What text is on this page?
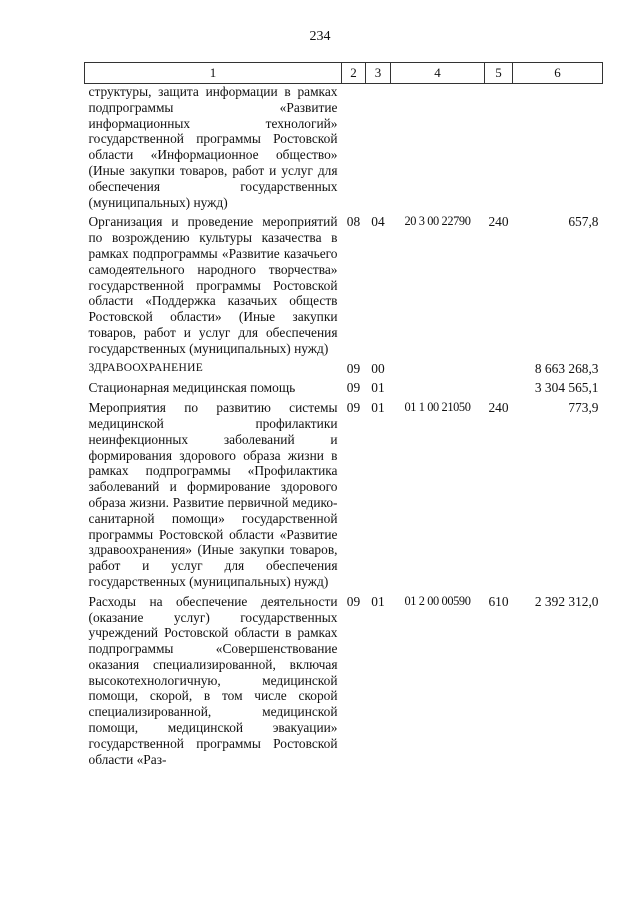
234
1	2	3	4	5	6
структуры, защита информации в рамках подпрограммы «Развитие информационных технологий» государственной программы Ростовской области «Информационное общество» (Иные закупки товаров, работ и услуг для обеспечения государственных (муниципальных) нужд)					
Организация и проведение мероприятий по возрождению культуры казачества в рамках подпрограммы «Развитие казачьего самодеятельного народного творчества» государственной программы Ростовской области «Поддержка казачьих обществ Ростовской области» (Иные закупки товаров, работ и услуг для обеспечения государственных (муниципальных) нужд)	08	04	20 3 00 22790	240	657,8
ЗДРАВООХРАНЕНИЕ	09	00			8 663 268,3
Стационарная медицинская помощь	09	01			3 304 565,1
Мероприятия по развитию системы медицинской профилактики неинфекционных заболеваний и формирования здорового образа жизни в рамках подпрограммы «Профилактика заболеваний и формирование здорового образа жизни. Развитие первичной медико-санитарной помощи» государственной программы Ростовской области «Развитие здравоохранения» (Иные закупки товаров, работ и услуг для обеспечения государственных (муниципальных) нужд)	09	01	01 1 00 21050	240	773,9
Расходы на обеспечение деятельности (оказание услуг) государственных учреждений Ростовской области в рамках подпрограммы «Совершенствование оказания специализированной, включая высокотехнологичную, медицинской помощи, скорой, в том числе скорой специализированной, медицинской помощи, медицинской эвакуации» государственной программы Ростовской области «Раз-	09	01	01 2 00 00590	610	2 392 312,0
